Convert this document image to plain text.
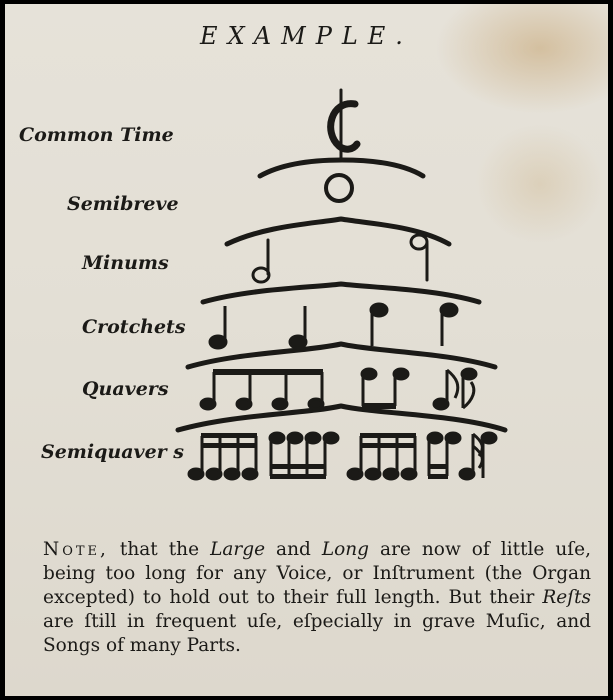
EXAMPLE.
Common Time
Semibreve
Minums
Crotchets
Quavers
Semiquaver s
Note, that the Large and Long are now of little uſe, being too long for any Voice, or Inſtrument (the Organ excepted) to hold out to their full length. But their Reſts are ſtill in frequent uſe, eſpecially in grave Muſic, and Songs of many Parts.
